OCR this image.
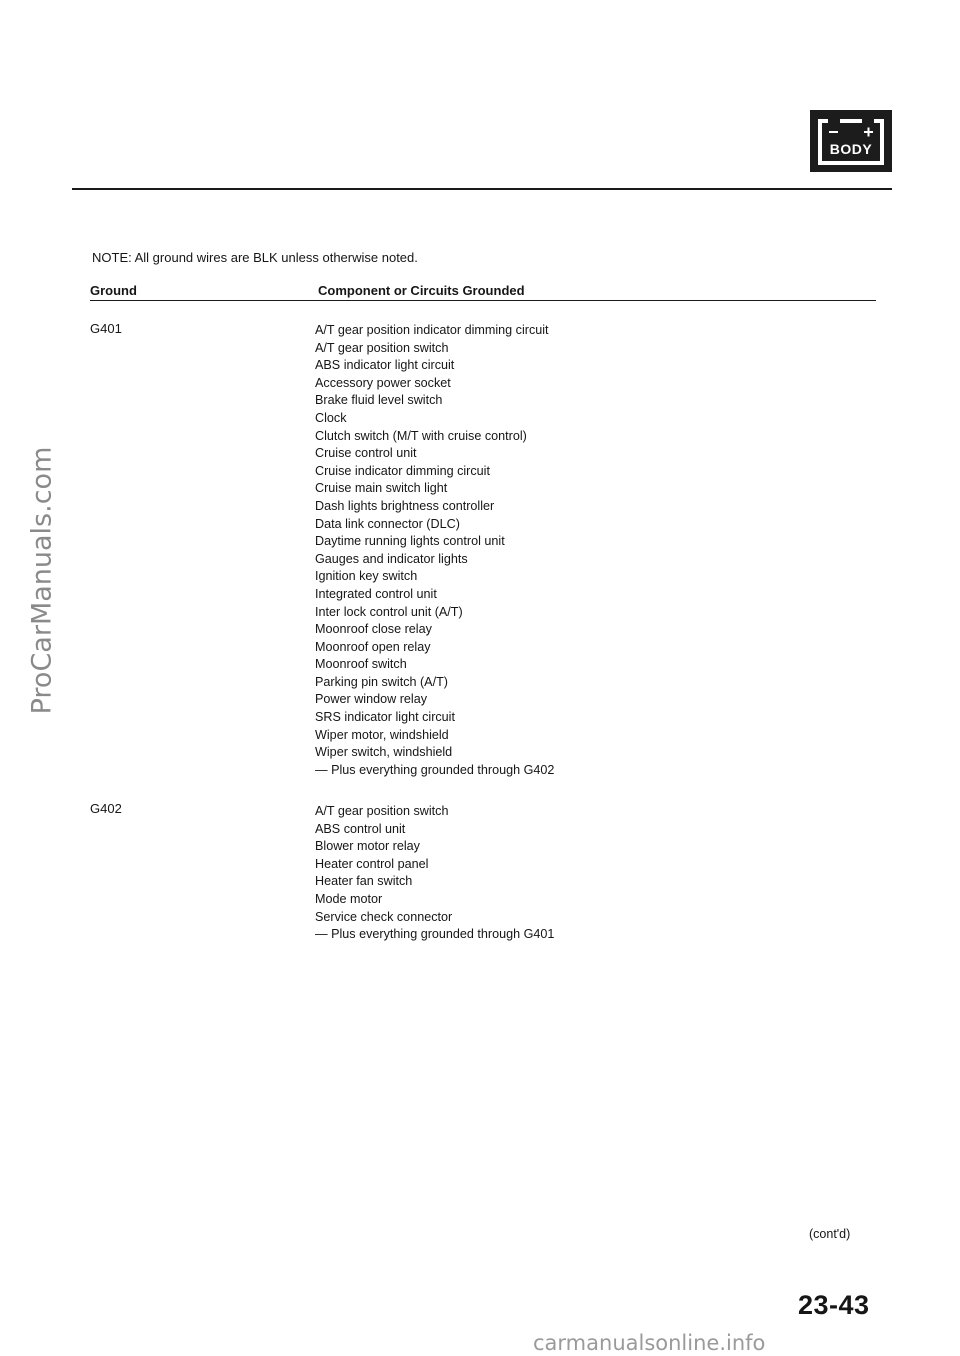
ProCarManuals.com
BODY
NOTE: All ground wires are BLK unless otherwise noted.
Ground	Component or Circuits Grounded
G401	A/T gear position indicator dimming circuit
A/T gear position switch
ABS indicator light circuit
Accessory power socket
Brake fluid level switch
Clock
Clutch switch (M/T with cruise control)
Cruise control unit
Cruise indicator dimming circuit
Cruise main switch light
Dash lights brightness controller
Data link connector (DLC)
Daytime running lights control unit
Gauges and indicator lights
Ignition key switch
Integrated control unit
Inter lock control unit (A/T)
Moonroof close relay
Moonroof open relay
Moonroof switch
Parking pin switch (A/T)
Power window relay
SRS indicator light circuit
Wiper motor, windshield
Wiper switch, windshield
— Plus everything grounded through G402
G402	A/T gear position switch
ABS control unit
Blower motor relay
Heater control panel
Heater fan switch
Mode motor
Service check connector
— Plus everything grounded through G401
(cont'd)
23-43
carmanualsonline.info
